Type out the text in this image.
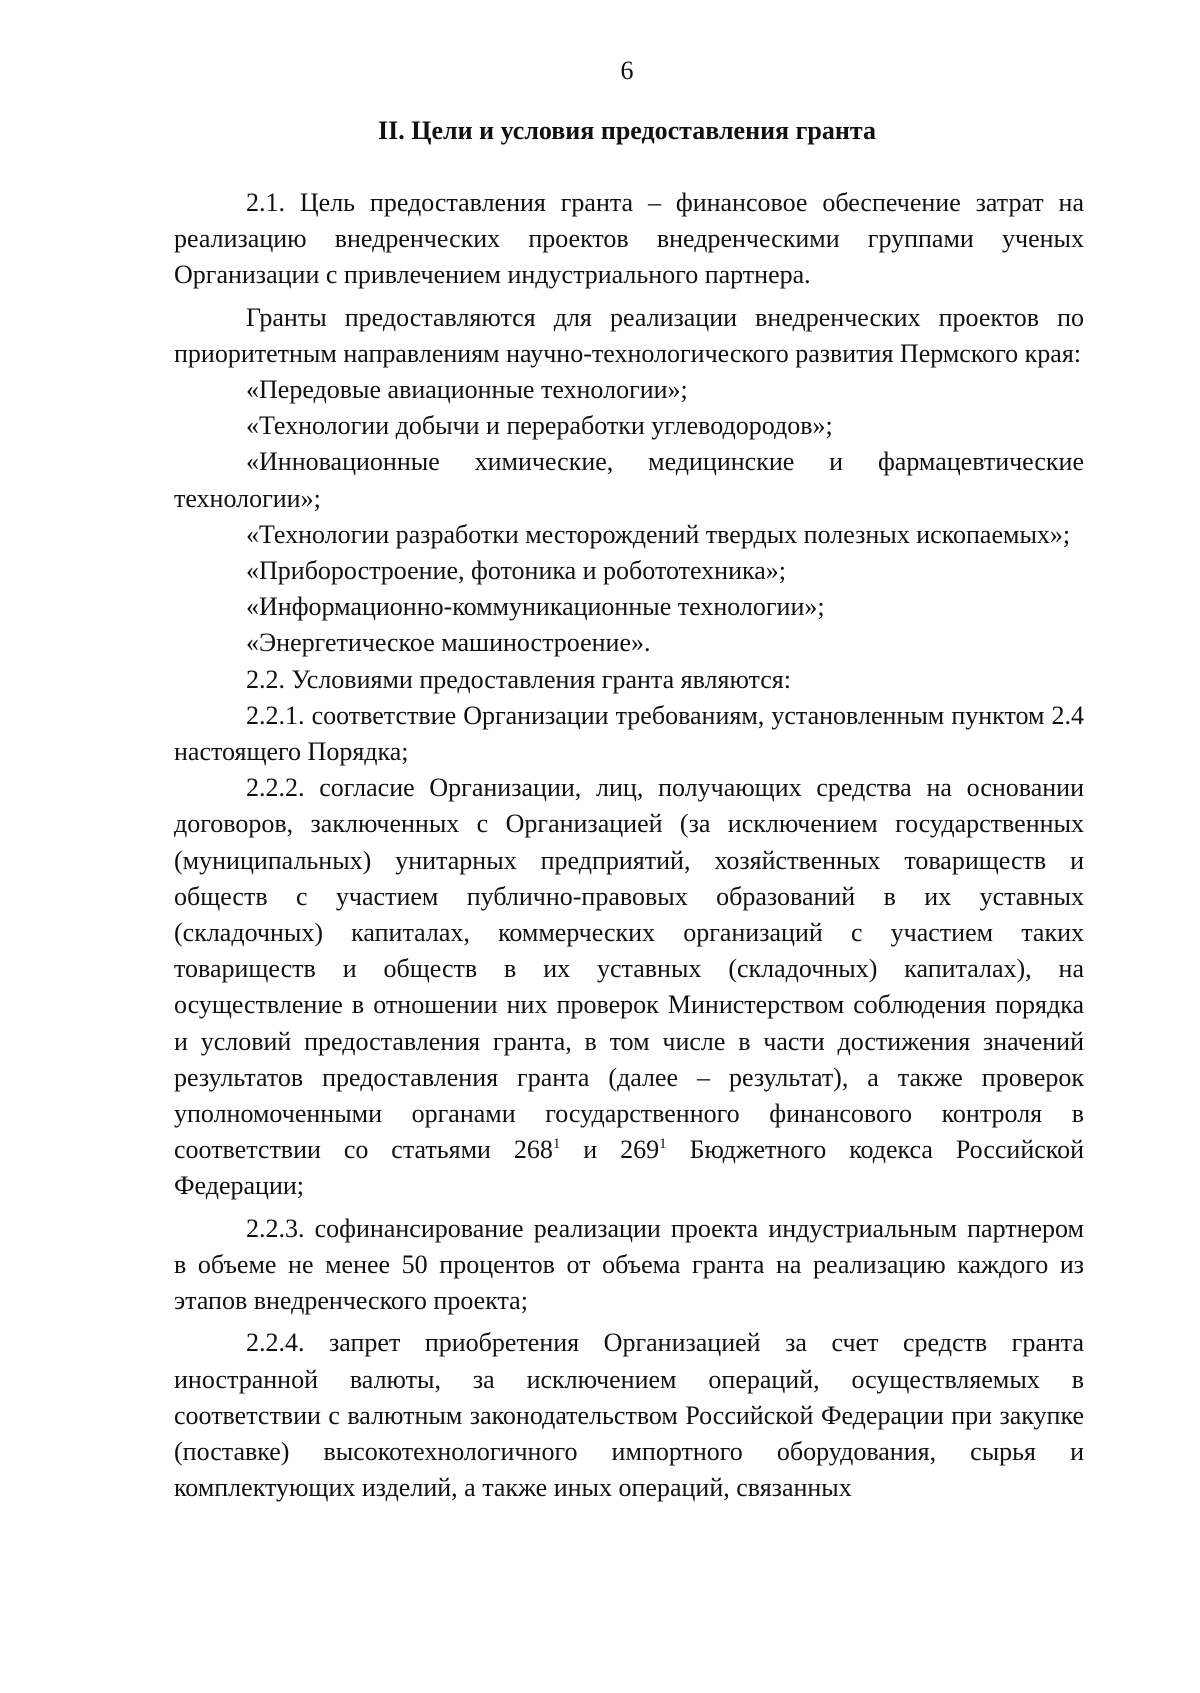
6
II. Цели и условия предоставления гранта

2.1. Цель предоставления гранта – финансовое обеспечение затрат на реализацию внедренческих проектов внедренческими группами ученых Организации с привлечением индустриального партнера.

Гранты предоставляются для реализации внедренческих проектов по приоритетным направлениям научно-технологического развития Пермского края:

«Передовые авиационные технологии»;

«Технологии добычи и переработки углеводородов»;

«Инновационные химические, медицинские и фармацевтические технологии»;

«Технологии разработки месторождений твердых полезных ископаемых»;

«Приборостроение, фотоника и робототехника»;

«Информационно-коммуникационные технологии»;

«Энергетическое машиностроение».

2.2. Условиями предоставления гранта являются:

2.2.1. соответствие Организации требованиям, установленным пунктом 2.4 настоящего Порядка;

2.2.2. согласие Организации, лиц, получающих средства на основании договоров, заключенных с Организацией (за исключением государственных (муниципальных) унитарных предприятий, хозяйственных товариществ и обществ с участием публично-правовых образований в их уставных (складочных) капиталах, коммерческих организаций с участием таких товариществ и обществ в их уставных (складочных) капиталах), на осуществление в отношении них проверок Министерством соблюдения порядка и условий предоставления гранта, в том числе в части достижения значений результатов предоставления гранта (далее – результат), а также проверок уполномоченными органами государственного финансового контроля в соответствии со статьями $268^1$ и $269^1$ Бюджетного кодекса Российской Федерации;

2.2.3. софинансирование реализации проекта индустриальным партнером в объеме не менее 50 процентов от объема гранта на реализацию каждого из этапов внедренческого проекта;

2.2.4. запрет приобретения Организацией за счет средств гранта иностранной валюты, за исключением операций, осуществляемых в соответствии с валютным законодательством Российской Федерации при закупке (поставке) высокотехнологичного импортного оборудования, сырья и комплектующих изделий, а также иных операций, связанных
